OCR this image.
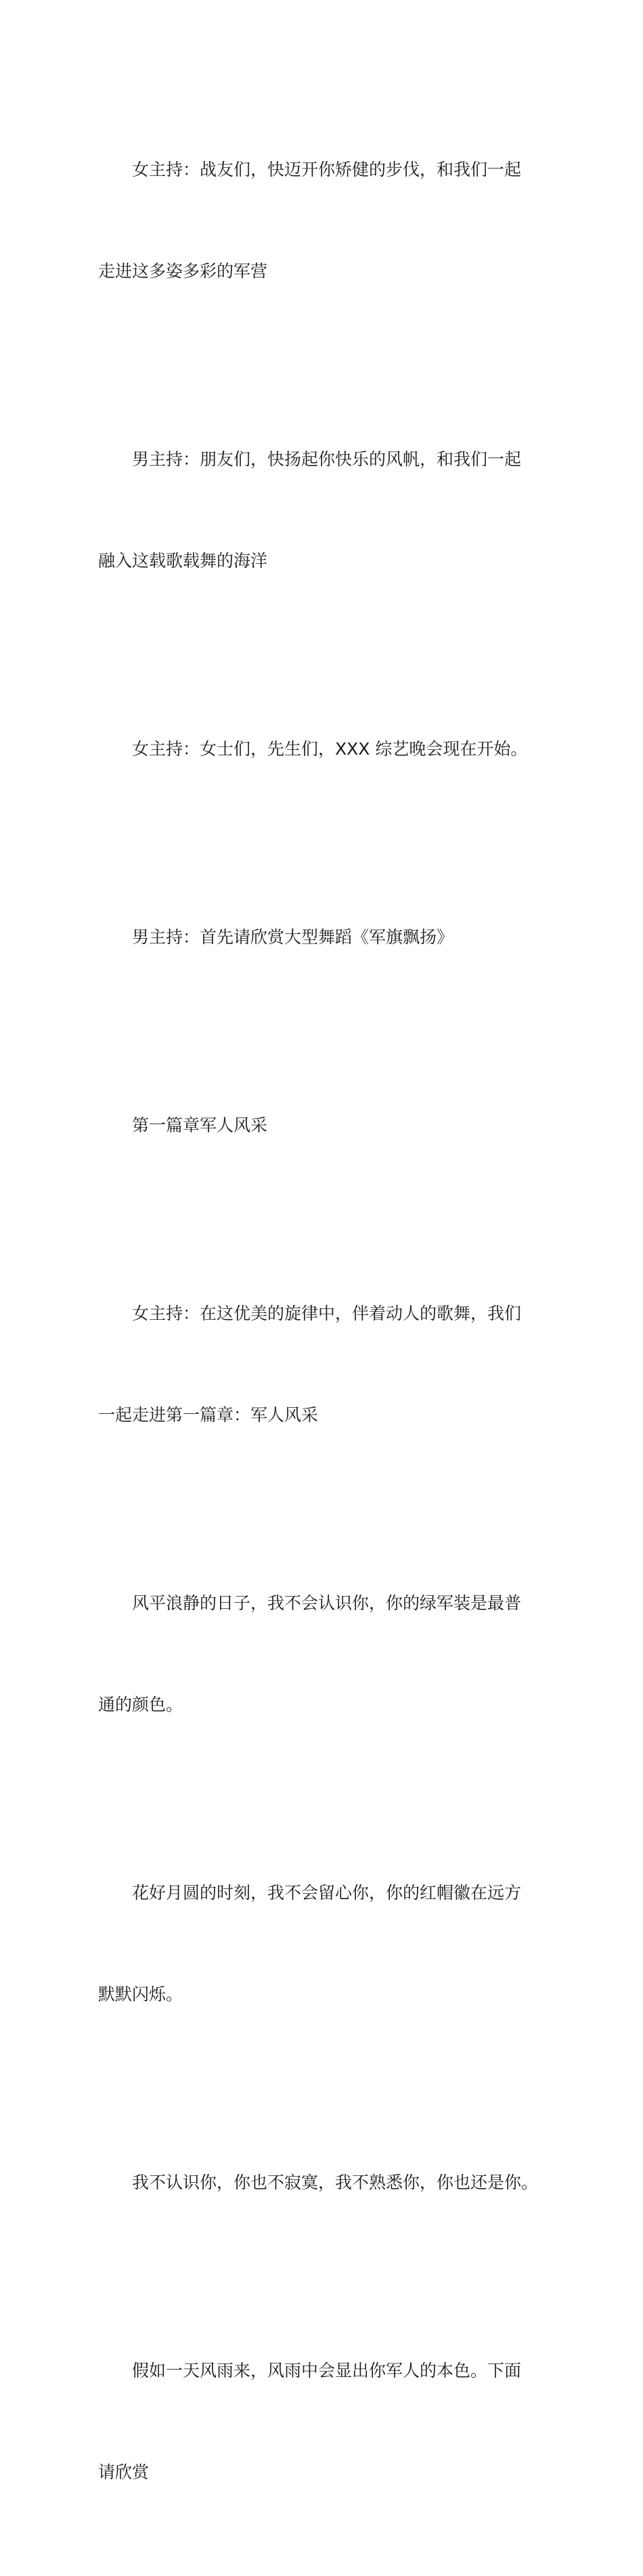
女主持：战友们，快迈开你矫健的步伐，和我们一起

走进这多姿多彩的军营

男主持：朋友们，快扬起你快乐的风帆，和我们一起

融入这载歌载舞的海洋

女主持：女士们，先生们，XXX 综艺晚会现在开始。

男主持：首先请欣赏大型舞蹈《军旗飘扬》

第一篇章军人风采

女主持：在这优美的旋律中，伴着动人的歌舞，我们

一起走进第一篇章：军人风采

风平浪静的日子，我不会认识你，你的绿军装是最普

通的颜色。

花好月圆的时刻，我不会留心你，你的红帽徽在远方

默默闪烁。

我不认识你，你也不寂寞，我不熟悉你，你也还是你。

假如一天风雨来，风雨中会显出你军人的本色。下面

请欣赏
